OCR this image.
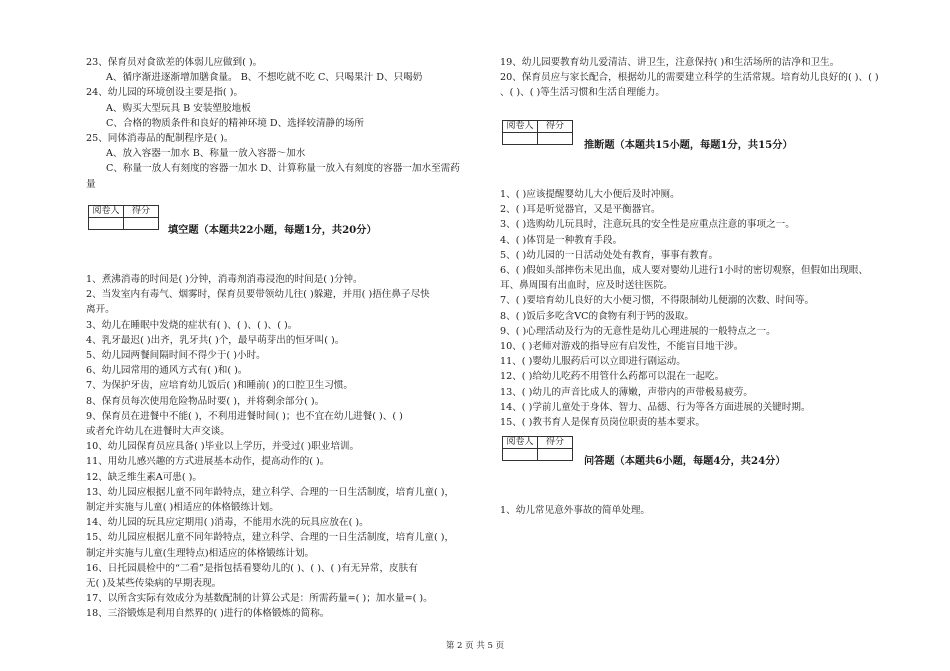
23、保育员对食欲差的体弱儿应做到( )。
A、循序渐进逐渐增加膳食量。 B、不想吃就不吃 C、只喝果汁 D、只喝奶
24、幼儿园的环境创设主要是指( )。
A、购买大型玩具 B 安装塑胶地板
C、合格的物质条件和良好的精神环境 D、选择较清静的场所
25、同体消毒品的配制程序是( )。
A、放入容器一加水 B、称量一放入容器～加水
C、称量一放人有刻度的容器一加水 D、计算称量一放入有刻度的容器一加水至需药
量
阅卷人	得分

填空题（本题共22小题，每题1分，共20分）
1、煮沸消毒的时间是( )分钟，消毒剂消毒浸泡的时间是( )分钟。
2、当发室内有毒气、烟雾时，保育员要带领幼儿往( )躲避，并用( )捂住鼻子尽快
离开。
3、幼儿在睡眠中发烧的症状有( )、( )、( )、( )。
4、乳牙最迟( )出齐，乳牙共( )个，最早萌芽出的恒牙叫( )。
5、幼儿园两餐间隔时间不得少于( )小时。
6、幼儿园常用的通风方式有( )和( )。
7、为保护牙齿，应培育幼儿饭后( )和睡前( )的口腔卫生习惯。
8、保育员每次使用危险物品时要( )，并将剩余部分( )。
9、保育员在进餐中不能( )，不利用进餐时间( )；也不宜在幼儿进餐( )、( )
或者允许幼儿在进餐时大声交谈。
10、幼儿园保育员应具备( )毕业以上学历，并受过( )职业培训。
11、用幼儿感兴趣的方式进展基本动作，提高动作的( )。
12、缺乏维生素A可患( )。
13、幼儿园应根据儿童不同年龄特点，建立科学、合理的一日生活制度，培育儿童( )，
制定并实施与儿童( )相适应的体格锻练计划。
14、幼儿园的玩具应定期用( )消毒，不能用水洗的玩具应放在( )。
15、幼儿园应根据儿童不同年龄特点，建立科学、合理的一日生活制度，培育儿童( )，
制定并实施与儿童(生理特点)相适应的体格锻练计划。
16、日托园晨检中的“二看”是指包括看婴幼儿的( )、( )、( )有无异常，皮肤有
无( )及某些传染病的早期表现。
17、以所含实际有效成分为基数配制的计算公式是：所需药量=( )；加水量=( )。
18、三浴锻炼是利用自然界的( )进行的体格锻炼的简称。
19、幼儿园要教育幼儿爱清洁、讲卫生，注意保持( )和生活场所的洁净和卫生。
20、保育员应与家长配合，根据幼儿的需要建立科学的生活常规。培育幼儿良好的( )、( )
、( )、( )等生活习惯和生活自理能力。
阅卷人	得分

推断题（本题共15小题，每题1分，共15分）
1、( )应该提醒婴幼儿大小便后及时冲厕。
2、( )耳是听觉器官，又是平衡器官。
3、( )选购幼儿玩具时，注意玩具的安全性是应重点注意的事项之一。
4、( )体罚是一种教育手段。
5、( )幼儿园的一日活动处处有教育，事事有教育。
6、( )假如头部摔伤未见出血，成人要对婴幼儿进行1小时的密切观察，但假如出现眼、
耳、鼻周围有出血时，应及时送往医院。
7、( )要培育幼儿良好的大小便习惯，不得限制幼儿便溺的次数、时间等。
8、( )饭后多吃含VC的食物有利于钙的汲取。
9、( )心理活动及行为的无意性是幼儿心理进展的一般特点之一。
10、( )老师对游戏的指导应有启发性，不能盲目地干涉。
11、( )婴幼儿服药后可以立即进行剧运动。
12、( )给幼儿吃药不用管什么药都可以混在一起吃。
13、( )幼儿的声音比成人的薄嫩，声带内的声带极易疲劳。
14、( )学前儿童处于身体、智力、品德、行为等各方面进展的关键时期。
15、( )教书育人是保育员岗位职责的基本要求。
阅卷人	得分

问答题（本题共6小题，每题4分，共24分）
1、幼儿常见意外事故的简单处理。
第 2 页 共 5 页
